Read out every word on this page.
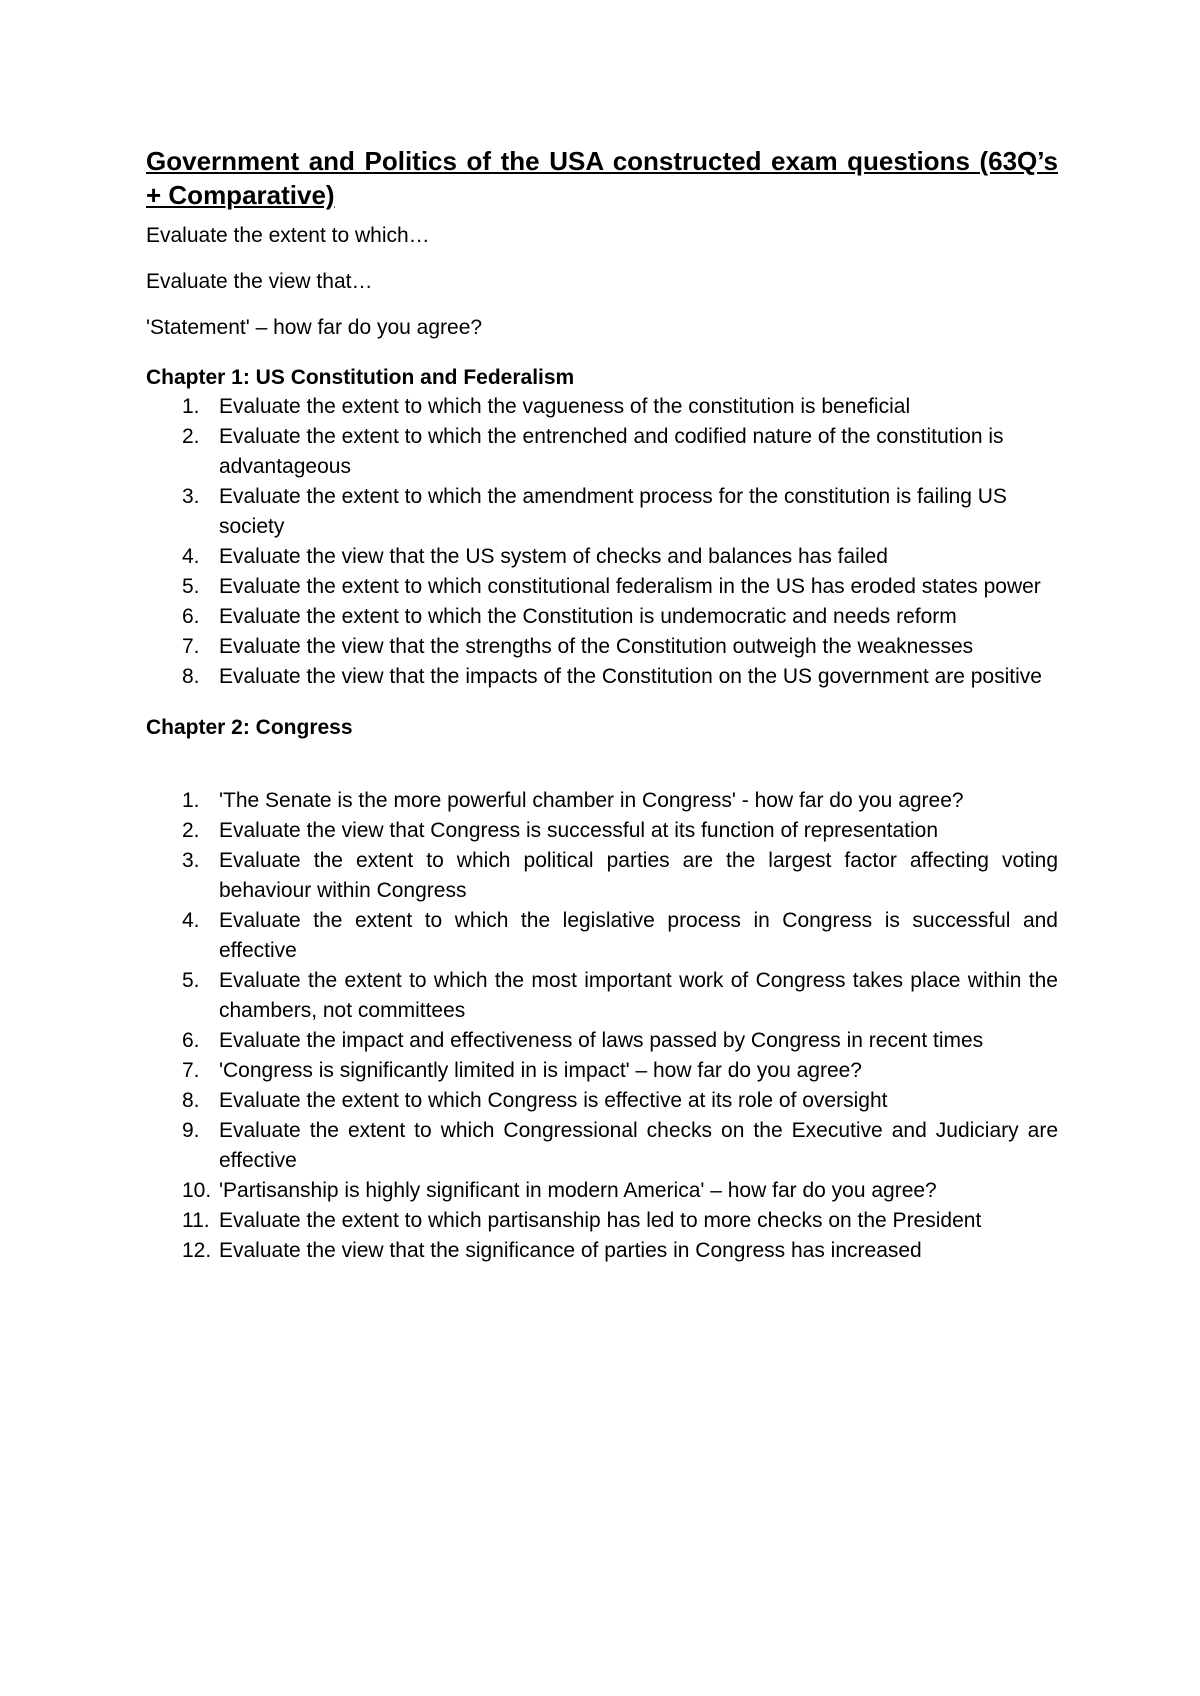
Government and Politics of the USA constructed exam questions (63Q’s + Comparative)

Evaluate the extent to which…

Evaluate the view that…

'Statement' – how far do you agree?

Chapter 1: US Constitution and Federalism
1. Evaluate the extent to which the vagueness of the constitution is beneficial
2. Evaluate the extent to which the entrenched and codified nature of the constitution is advantageous
3. Evaluate the extent to which the amendment process for the constitution is failing US society
4. Evaluate the view that the US system of checks and balances has failed
5. Evaluate the extent to which constitutional federalism in the US has eroded states power
6. Evaluate the extent to which the Constitution is undemocratic and needs reform
7. Evaluate the view that the strengths of the Constitution outweigh the weaknesses
8. Evaluate the view that the impacts of the Constitution on the US government are positive
Chapter 2: Congress
1. 'The Senate is the more powerful chamber in Congress' - how far do you agree?
2. Evaluate the view that Congress is successful at its function of representation
3. Evaluate the extent to which political parties are the largest factor affecting voting behaviour within Congress
4. Evaluate the extent to which the legislative process in Congress is successful and effective
5. Evaluate the extent to which the most important work of Congress takes place within the chambers, not committees
6. Evaluate the impact and effectiveness of laws passed by Congress in recent times
7. 'Congress is significantly limited in is impact' – how far do you agree?
8. Evaluate the extent to which Congress is effective at its role of oversight
9. Evaluate the extent to which Congressional checks on the Executive and Judiciary are effective
10. 'Partisanship is highly significant in modern America' – how far do you agree?
11. Evaluate the extent to which partisanship has led to more checks on the President
12. Evaluate the view that the significance of parties in Congress has increased
